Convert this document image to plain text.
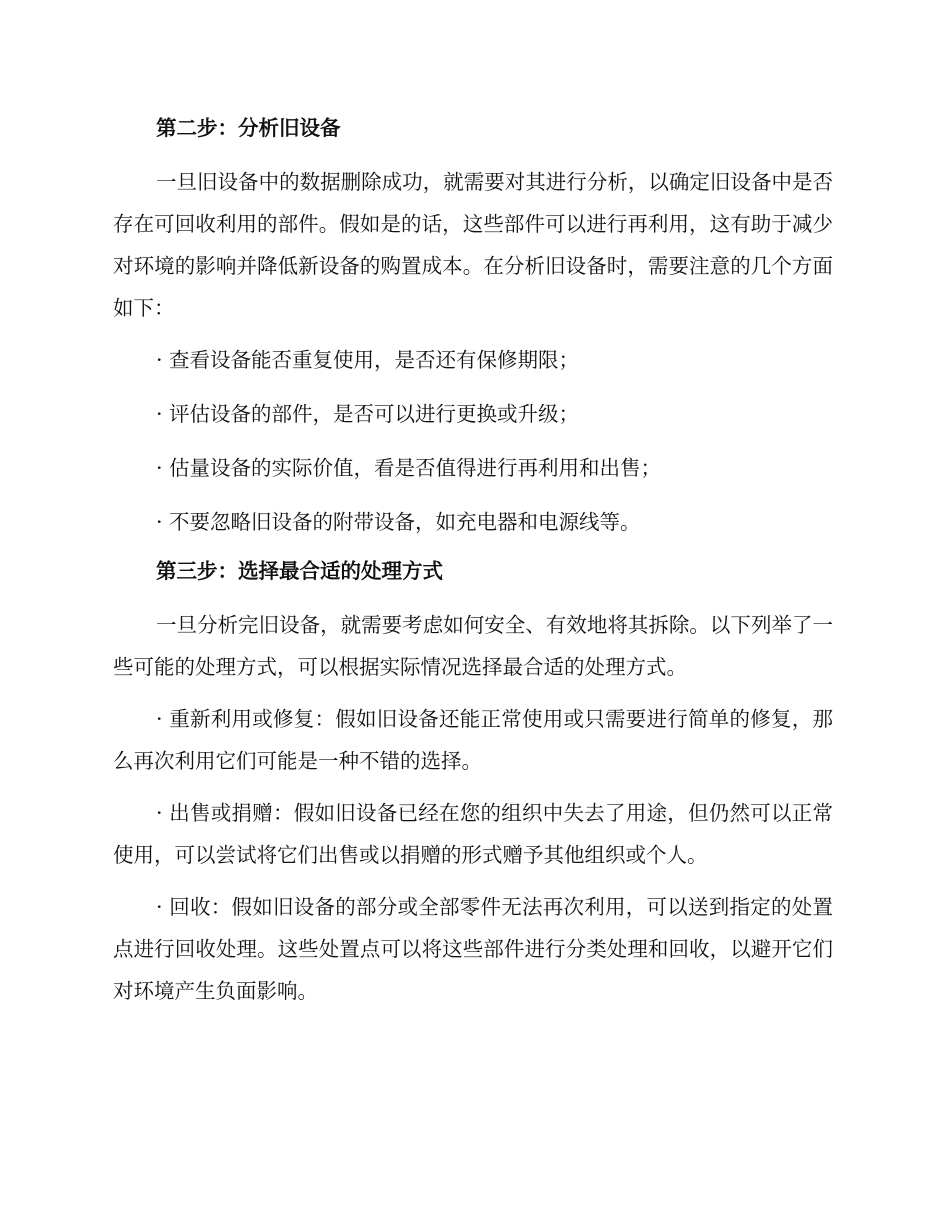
第二步：分析旧设备

一旦旧设备中的数据删除成功，就需要对其进行分析，以确定旧设备中是否存在可回收利用的部件。假如是的话，这些部件可以进行再利用，这有助于减少对环境的影响并降低新设备的购置成本。在分析旧设备时，需要注意的几个方面如下：

· 查看设备能否重复使用，是否还有保修期限；

· 评估设备的部件，是否可以进行更换或升级；

· 估量设备的实际价值，看是否值得进行再利用和出售；

· 不要忽略旧设备的附带设备，如充电器和电源线等。

第三步：选择最合适的处理方式

一旦分析完旧设备，就需要考虑如何安全、有效地将其拆除。以下列举了一些可能的处理方式，可以根据实际情况选择最合适的处理方式。

· 重新利用或修复：假如旧设备还能正常使用或只需要进行简单的修复，那么再次利用它们可能是一种不错的选择。

· 出售或捐赠：假如旧设备已经在您的组织中失去了用途，但仍然可以正常使用，可以尝试将它们出售或以捐赠的形式赠予其他组织或个人。

· 回收：假如旧设备的部分或全部零件无法再次利用，可以送到指定的处置点进行回收处理。这些处置点可以将这些部件进行分类处理和回收，以避开它们对环境产生负面影响。
